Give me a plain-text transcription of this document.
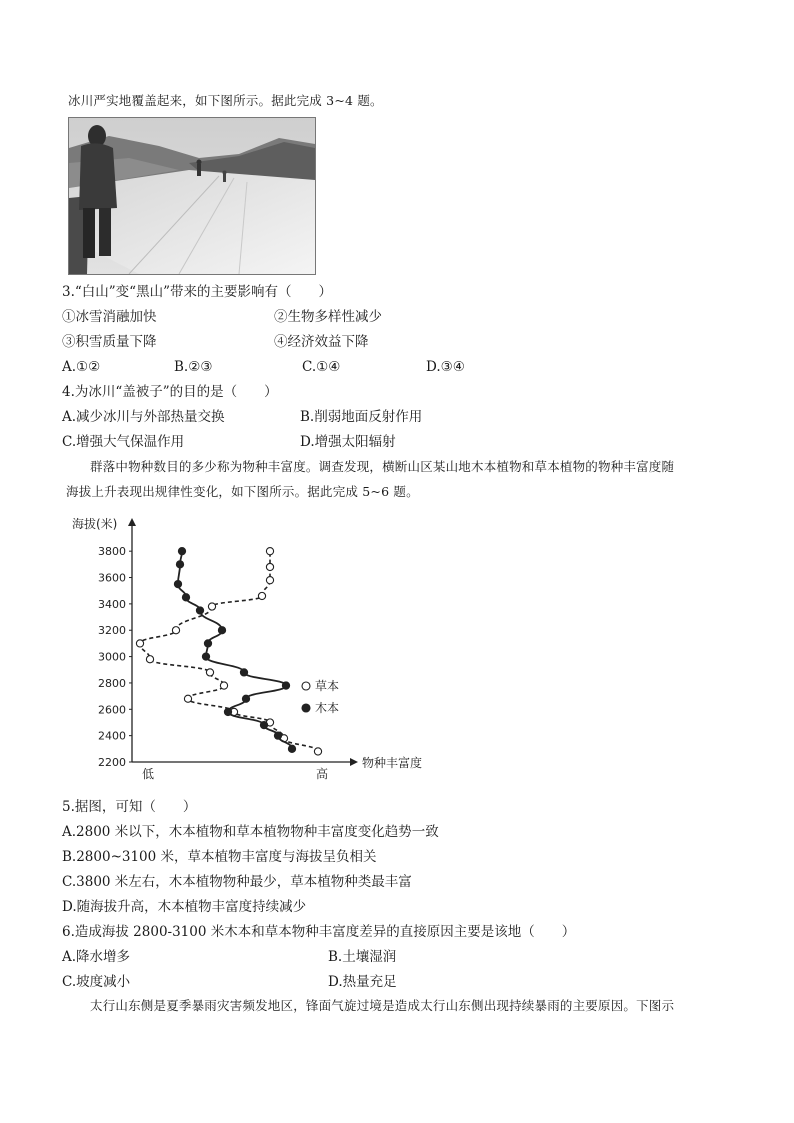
冰川严实地覆盖起来，如下图所示。据此完成 3~4 题。
3.“白山”变“黑山”带来的主要影响有（　　）
①冰雪消融加快	②生物多样性减少
③积雪质量下降	④经济效益下降
A.①②	B.②③	C.①④	D.③④
4.为冰川“盖被子”的目的是（　　）
A.减少冰川与外部热量交换	B.削弱地面反射作用
C.增强大气保温作用	D.增强太阳辐射
群落中物种数目的多少称为物种丰富度。调查发现，横断山区某山地木本植物和草本植物的物种丰富度随
海拔上升表现出规律性变化，如下图所示。据此完成 5~6 题。
2200
2400
2600
2800
3000
3200
3400
3600
3800
海拔(米)
物种丰富度
低	高
草本
木本
5.据图，可知（　　）
A.2800 米以下，木本植物和草本植物物种丰富度变化趋势一致
B.2800~3100 米，草本植物丰富度与海拔呈负相关
C.3800 米左右，木本植物物种最少，草本植物种类最丰富
D.随海拔升高，木本植物丰富度持续减少
6.造成海拔 2800-3100 米木本和草本物种丰富度差异的直接原因主要是该地（　　）
A.降水增多	B.土壤湿润
C.坡度减小	D.热量充足
太行山东侧是夏季暴雨灾害频发地区，锋面气旋过境是造成太行山东侧出现持续暴雨的主要原因。下图示
